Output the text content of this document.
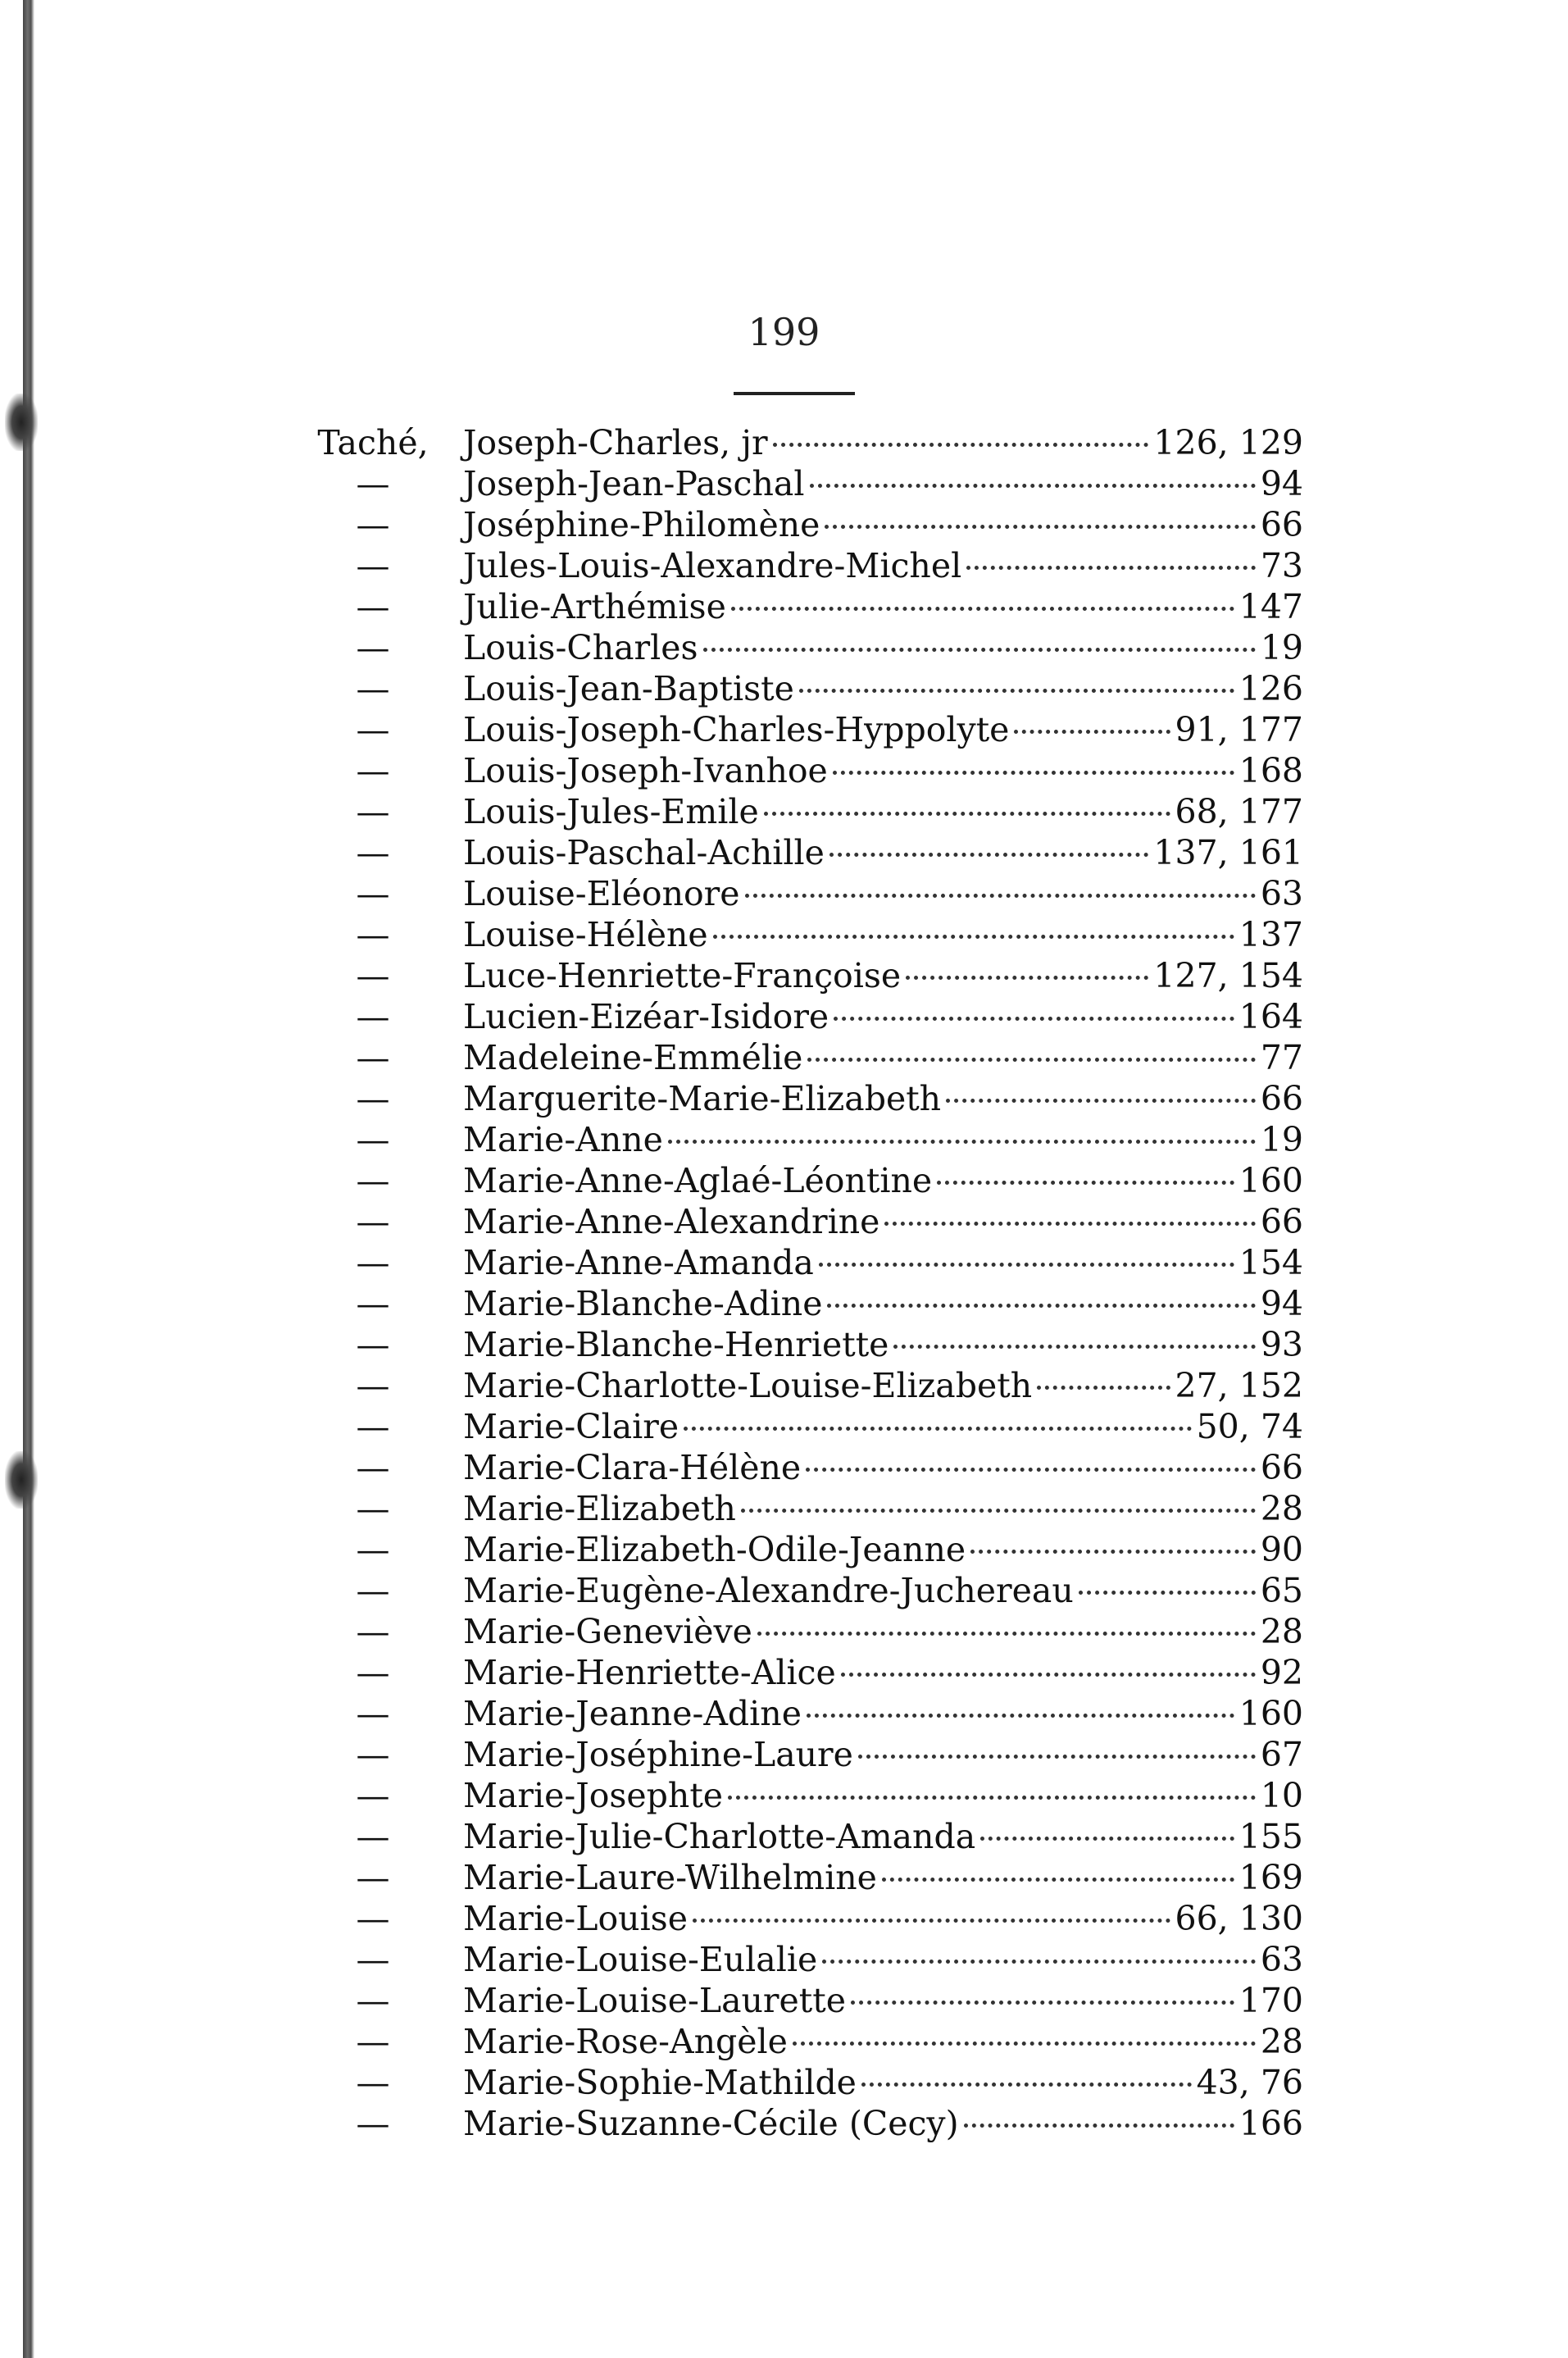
199
Taché,	Joseph-Charles, jr	126, 129
—	Joseph-Jean-Paschal	94
—	Joséphine-Philomène	66
—	Jules-Louis-Alexandre-Michel	73
—	Julie-Arthémise	147
—	Louis-Charles	19
—	Louis-Jean-Baptiste	126
—	Louis-Joseph-Charles-Hyppolyte	91, 177
—	Louis-Joseph-Ivanhoe	168
—	Louis-Jules-Emile	68, 177
—	Louis-Paschal-Achille	137, 161
—	Louise-Eléonore	63
—	Louise-Hélène	137
—	Luce-Henriette-Françoise	127, 154
—	Lucien-Eizéar-Isidore	164
—	Madeleine-Emmélie	77
—	Marguerite-Marie-Elizabeth	66
—	Marie-Anne	19
—	Marie-Anne-Aglaé-Léontine	160
—	Marie-Anne-Alexandrine	66
—	Marie-Anne-Amanda	154
—	Marie-Blanche-Adine	94
—	Marie-Blanche-Henriette	93
—	Marie-Charlotte-Louise-Elizabeth	27, 152
—	Marie-Claire	50, 74
—	Marie-Clara-Hélène	66
—	Marie-Elizabeth	28
—	Marie-Elizabeth-Odile-Jeanne	90
—	Marie-Eugène-Alexandre-Juchereau	65
—	Marie-Geneviève	28
—	Marie-Henriette-Alice	92
—	Marie-Jeanne-Adine	160
—	Marie-Joséphine-Laure	67
—	Marie-Josephte	10
—	Marie-Julie-Charlotte-Amanda	155
—	Marie-Laure-Wilhelmine	169
—	Marie-Louise	66, 130
—	Marie-Louise-Eulalie	63
—	Marie-Louise-Laurette	170
—	Marie-Rose-Angèle	28
—	Marie-Sophie-Mathilde	43, 76
—	Marie-Suzanne-Cécile (Cecy)	166
